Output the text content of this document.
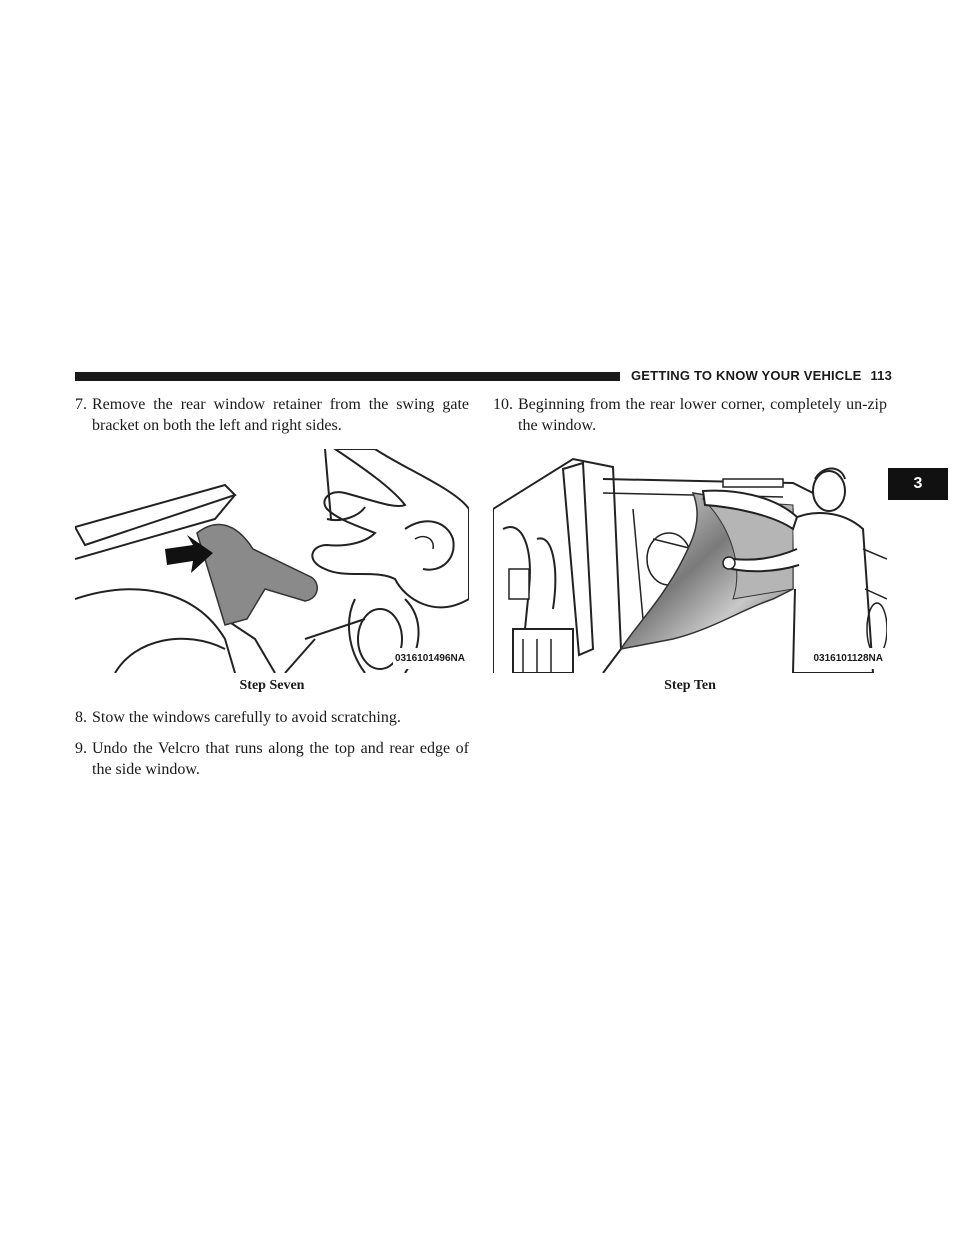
GETTING TO KNOW YOUR VEHICLE 113
3
7. Remove the rear window retainer from the swing gate bracket on both the left and right sides.
0316101496NA
Step Seven
8. Stow the windows carefully to avoid scratching.
9. Undo the Velcro that runs along the top and rear edge of the side window.
10. Beginning from the rear lower corner, completely un-zip the window.
0316101128NA
Step Ten
